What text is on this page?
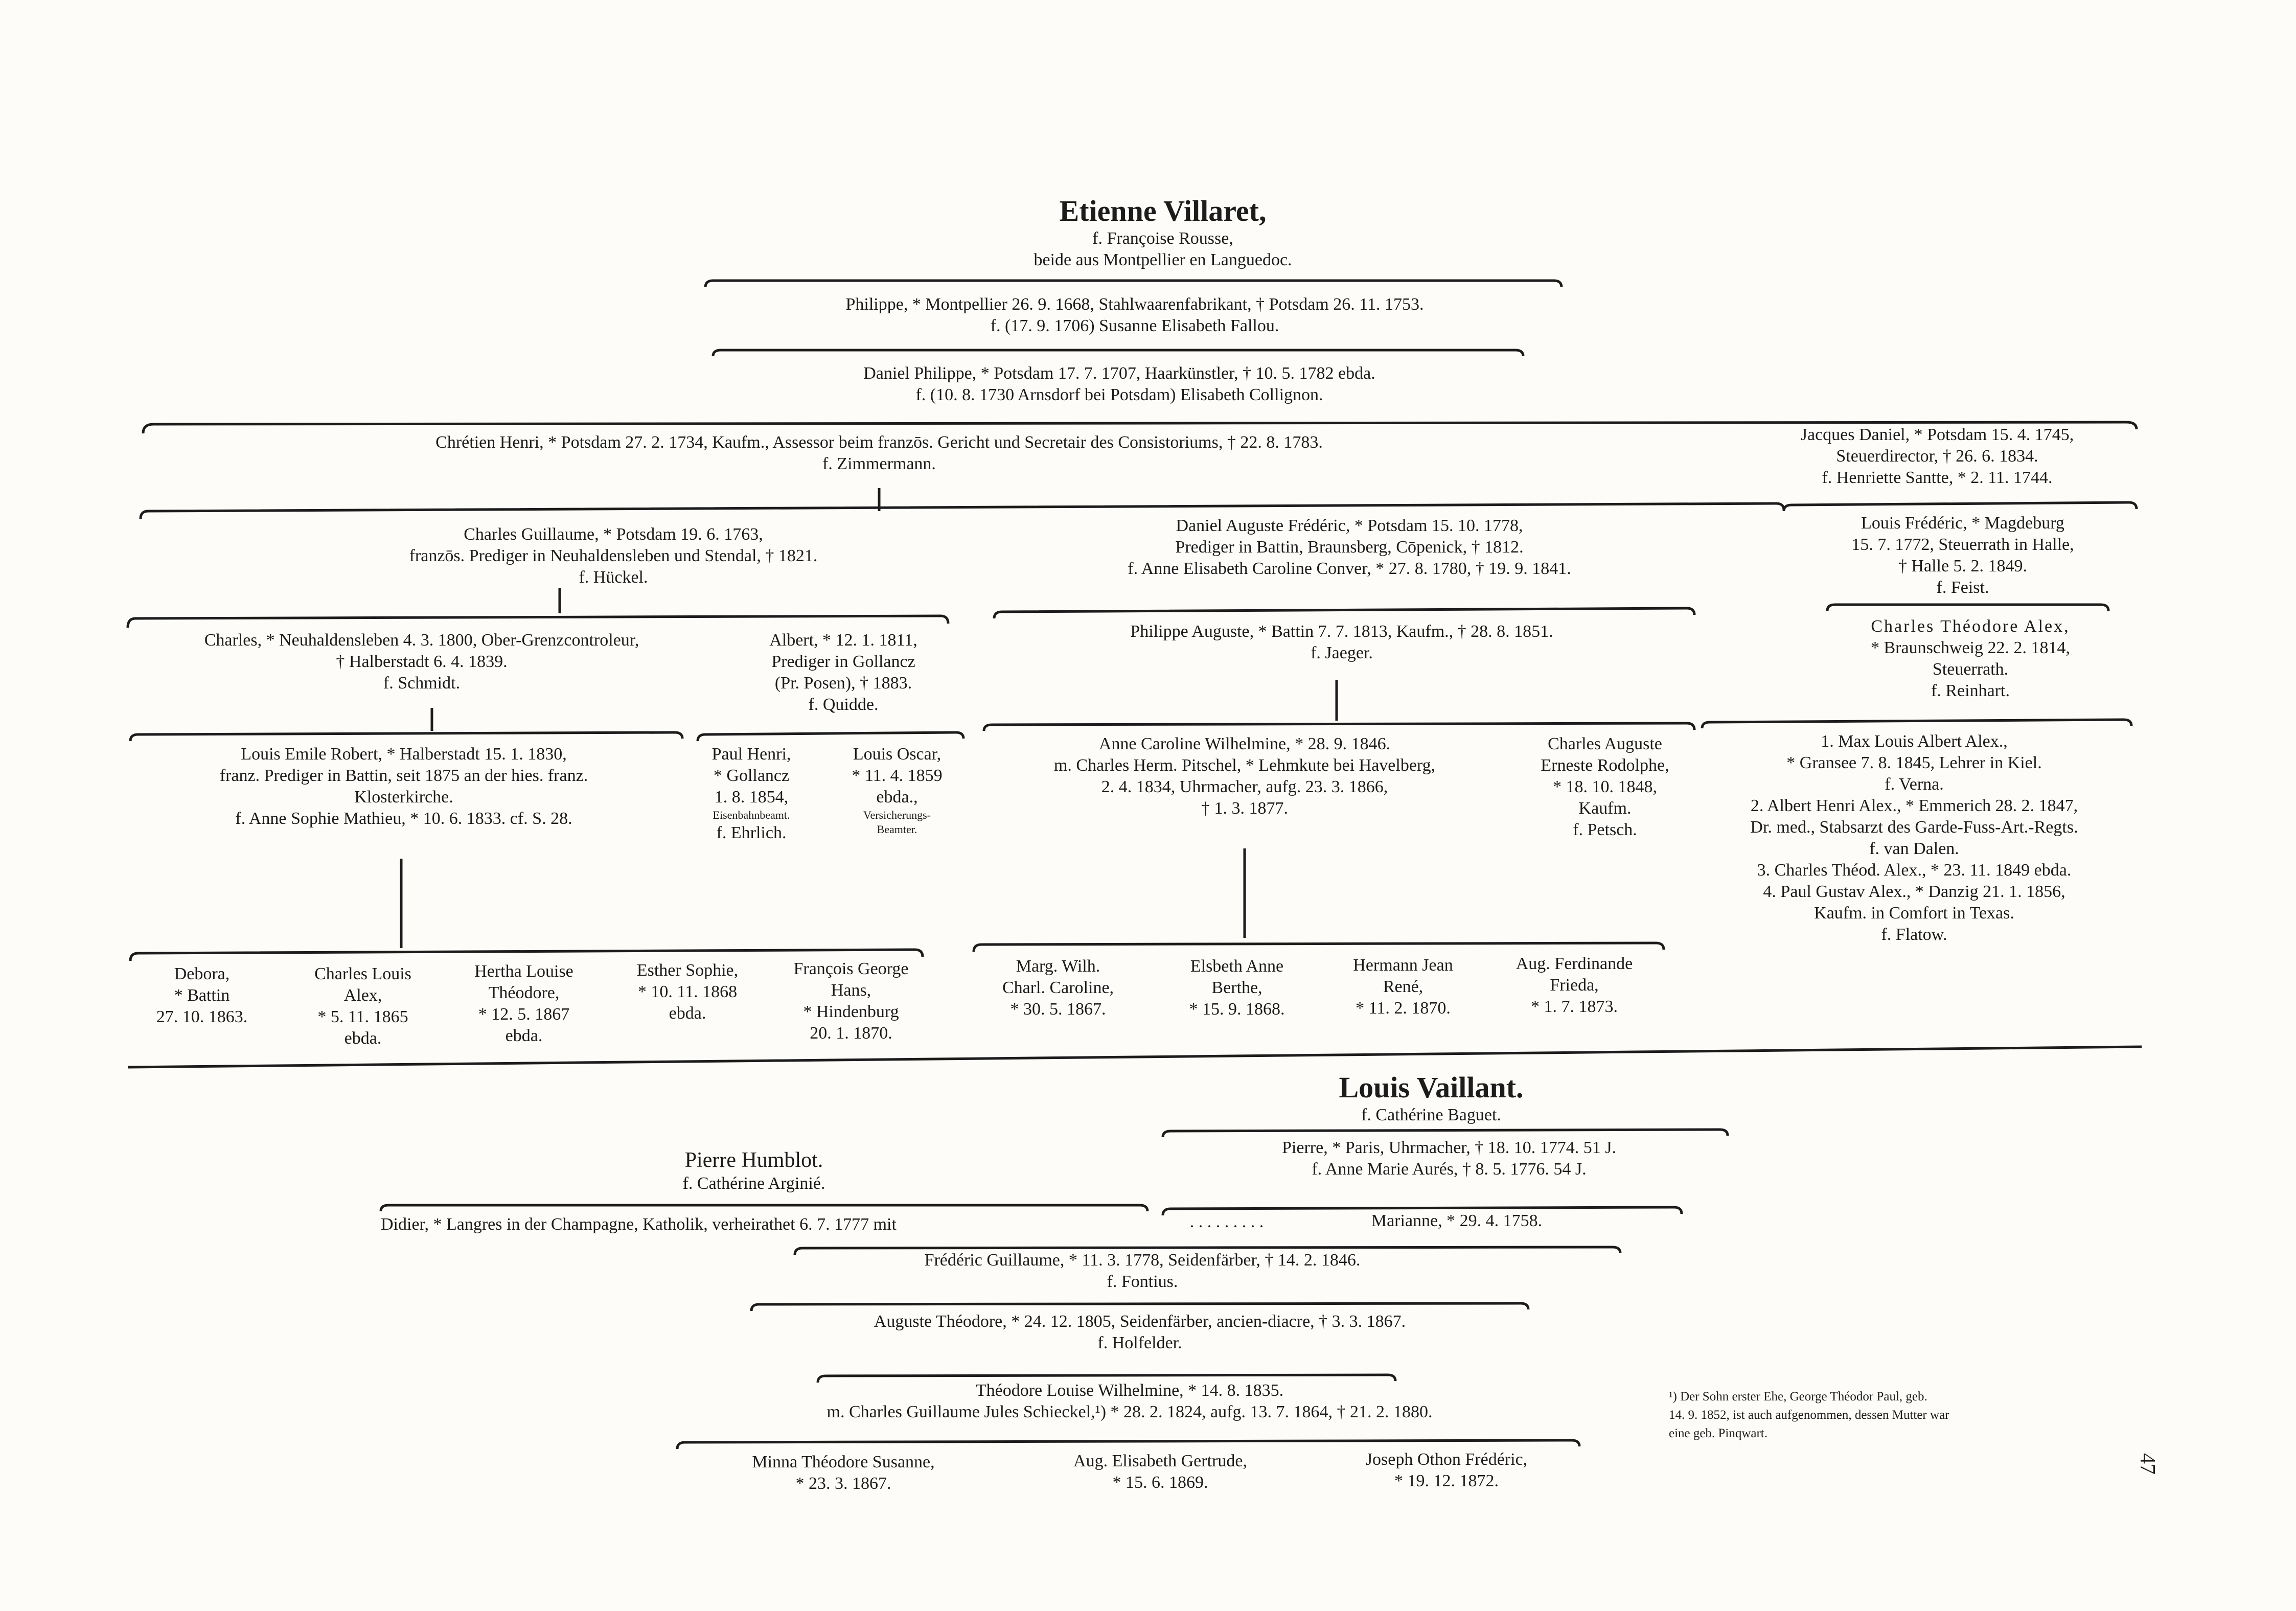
Etienne Villaret,
f. Françoise Rousse,
beide aus Montpellier en Languedoc.
Philippe, * Montpellier 26. 9. 1668, Stahlwaarenfabrikant, † Potsdam 26. 11. 1753.
f. (17. 9. 1706) Susanne Elisabeth Fallou.
Daniel Philippe, * Potsdam 17. 7. 1707, Haarkünstler, † 10. 5. 1782 ebda.
f. (10. 8. 1730 Arnsdorf bei Potsdam) Elisabeth Collignon.
Chrétien Henri, * Potsdam 27. 2. 1734, Kaufm., Assessor beim franzōs. Gericht und Secretair des Consistoriums, † 22. 8. 1783.
f. Zimmermann.
Jacques Daniel, * Potsdam 15. 4. 1745,
Steuerdirector, † 26. 6. 1834.
f. Henriette Santte, * 2. 11. 1744.
Charles Guillaume, * Potsdam 19. 6. 1763,
franzōs. Prediger in Neuhaldensleben und Stendal, † 1821.
f. Hückel.
Daniel Auguste Frédéric, * Potsdam 15. 10. 1778,
Prediger in Battin, Braunsberg, Cōpenick, † 1812.
f. Anne Elisabeth Caroline Conver, * 27. 8. 1780, † 19. 9. 1841.
Louis Frédéric, * Magdeburg
15. 7. 1772, Steuerrath in Halle,
† Halle 5. 2. 1849.
f. Feist.
Charles, * Neuhaldensleben 4. 3. 1800, Ober-Grenzcontroleur,
† Halberstadt 6. 4. 1839.
f. Schmidt.
Albert, * 12. 1. 1811,
Prediger in Gollancz
(Pr. Posen), † 1883.
f. Quidde.
Philippe Auguste, * Battin 7. 7. 1813, Kaufm., † 28. 8. 1851.
f. Jaeger.
Charles Théodore Alex,
* Braunschweig 22. 2. 1814,
Steuerrath.
f. Reinhart.
Louis Emile Robert, * Halberstadt 15. 1. 1830,
franz. Prediger in Battin, seit 1875 an der hies. franz.
Klosterkirche.
f. Anne Sophie Mathieu, * 10. 6. 1833. cf. S. 28.
Paul Henri,
* Gollancz
1. 8. 1854,
Eisenbahnbeamt.
f. Ehrlich.
Louis Oscar,
* 11. 4. 1859
ebda.,
Versicherungs-
Beamter.
Anne Caroline Wilhelmine, * 28. 9. 1846.
m. Charles Herm. Pitschel, * Lehmkute bei Havelberg,
2. 4. 1834, Uhrmacher, aufg. 23. 3. 1866,
† 1. 3. 1877.
Charles Auguste
Erneste Rodolphe,
* 18. 10. 1848,
Kaufm.
f. Petsch.
1. Max Louis Albert Alex.,
* Gransee 7. 8. 1845, Lehrer in Kiel.
f. Verna.
2. Albert Henri Alex., * Emmerich 28. 2. 1847,
Dr. med., Stabsarzt des Garde-Fuss-Art.-Regts.
f. van Dalen.
3. Charles Théod. Alex., * 23. 11. 1849 ebda.
4. Paul Gustav Alex., * Danzig 21. 1. 1856,
Kaufm. in Comfort in Texas.
f. Flatow.
Debora,
* Battin
27. 10. 1863.
Charles Louis
Alex,
* 5. 11. 1865
ebda.
Hertha Louise
Théodore,
* 12. 5. 1867
ebda.
Esther Sophie,
* 10. 11. 1868
ebda.
François George
Hans,
* Hindenburg
20. 1. 1870.
Marg. Wilh.
Charl. Caroline,
* 30. 5. 1867.
Elsbeth Anne
Berthe,
* 15. 9. 1868.
Hermann Jean
René,
* 11. 2. 1870.
Aug. Ferdinande
Frieda,
* 1. 7. 1873.
Louis Vaillant.
f. Cathérine Baguet.
Pierre, * Paris, Uhrmacher, † 18. 10. 1774. 51 J.
f. Anne Marie Aurés, † 8. 5. 1776. 54 J.
Pierre Humblot.
f. Cathérine Arginié.
Didier, * Langres in der Champagne, Katholik, verheirathet 6. 7. 1777 mit	. . . . . . . . .	Marianne, * 29. 4. 1758.
Frédéric Guillaume, * 11. 3. 1778, Seidenfärber, † 14. 2. 1846.
f. Fontius.
Auguste Théodore, * 24. 12. 1805, Seidenfärber, ancien-diacre, † 3. 3. 1867.
f. Holfelder.
Théodore Louise Wilhelmine, * 14. 8. 1835.
m. Charles Guillaume Jules Schieckel,¹) * 28. 2. 1824, aufg. 13. 7. 1864, † 21. 2. 1880.
Minna Théodore Susanne,
* 23. 3. 1867.
Aug. Elisabeth Gertrude,
* 15. 6. 1869.
Joseph Othon Frédéric,
* 19. 12. 1872.
¹) Der Sohn erster Ehe, George Théodor Paul, geb.
14. 9. 1852, ist auch aufgenommen, dessen Mutter war
eine geb. Pinqwart.
47
